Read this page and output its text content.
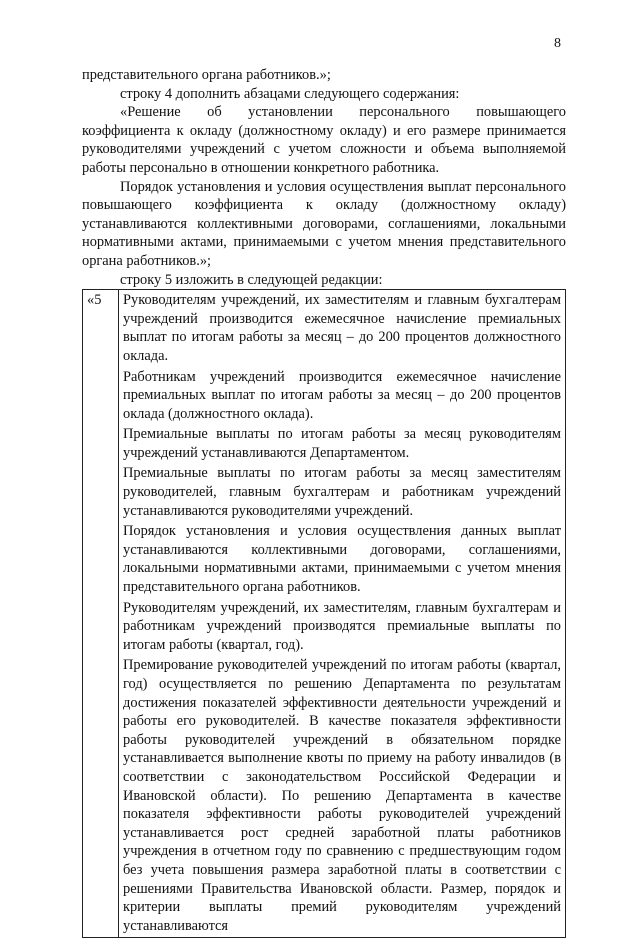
8

представительного органа работников.»;

строку 4 дополнить абзацами следующего содержания:

«Решение об установлении персонального повышающего коэффициента к окладу (должностному окладу) и его размере принимается руководителями учреждений с учетом сложности и объема выполняемой работы персонально в отношении конкретного работника.

Порядок установления и условия осуществления выплат персонального повышающего коэффициента к окладу (должностному окладу) устанавливаются коллективными договорами, соглашениями, локальными нормативными актами, принимаемыми с учетом мнения представительного органа работников.»;

строку 5 изложить в следующей редакции:

«5	Руководителям учреждений, их заместителям и главным бухгалтерам учреждений производится ежемесячное начисление премиальных выплат по итогам работы за месяц – до 200 процентов должностного оклада.

Работникам учреждений производится ежемесячное начисление премиальных выплат по итогам работы за месяц – до 200 процентов оклада (должностного оклада).

Премиальные выплаты по итогам работы за месяц руководителям учреждений устанавливаются Департаментом.

Премиальные выплаты по итогам работы за месяц заместителям руководителей, главным бухгалтерам и работникам учреждений устанавливаются руководителями учреждений.

Порядок установления и условия осуществления данных выплат устанавливаются коллективными договорами, соглашениями, локальными нормативными актами, принимаемыми с учетом мнения представительного органа работников.

Руководителям учреждений, их заместителям, главным бухгалтерам и работникам учреждений производятся премиальные выплаты по итогам работы (квартал, год).

Премирование руководителей учреждений по итогам работы (квартал, год) осуществляется по решению Департамента по результатам достижения показателей эффективности деятельности учреждений и работы его руководителей. В качестве показателя эффективности работы руководителей учреждений в обязательном порядке устанавливается выполнение квоты по приему на работу инвалидов (в соответствии с законодательством Российской Федерации и Ивановской области). По решению Департамента в качестве показателя эффективности работы руководителей учреждений устанавливается рост средней заработной платы работников учреждения в отчетном году по сравнению с предшествующим годом без учета повышения размера заработной платы в соответствии с решениями Правительства Ивановской области. Размер, порядок и критерии выплаты премий руководителям учреждений устанавливаются
